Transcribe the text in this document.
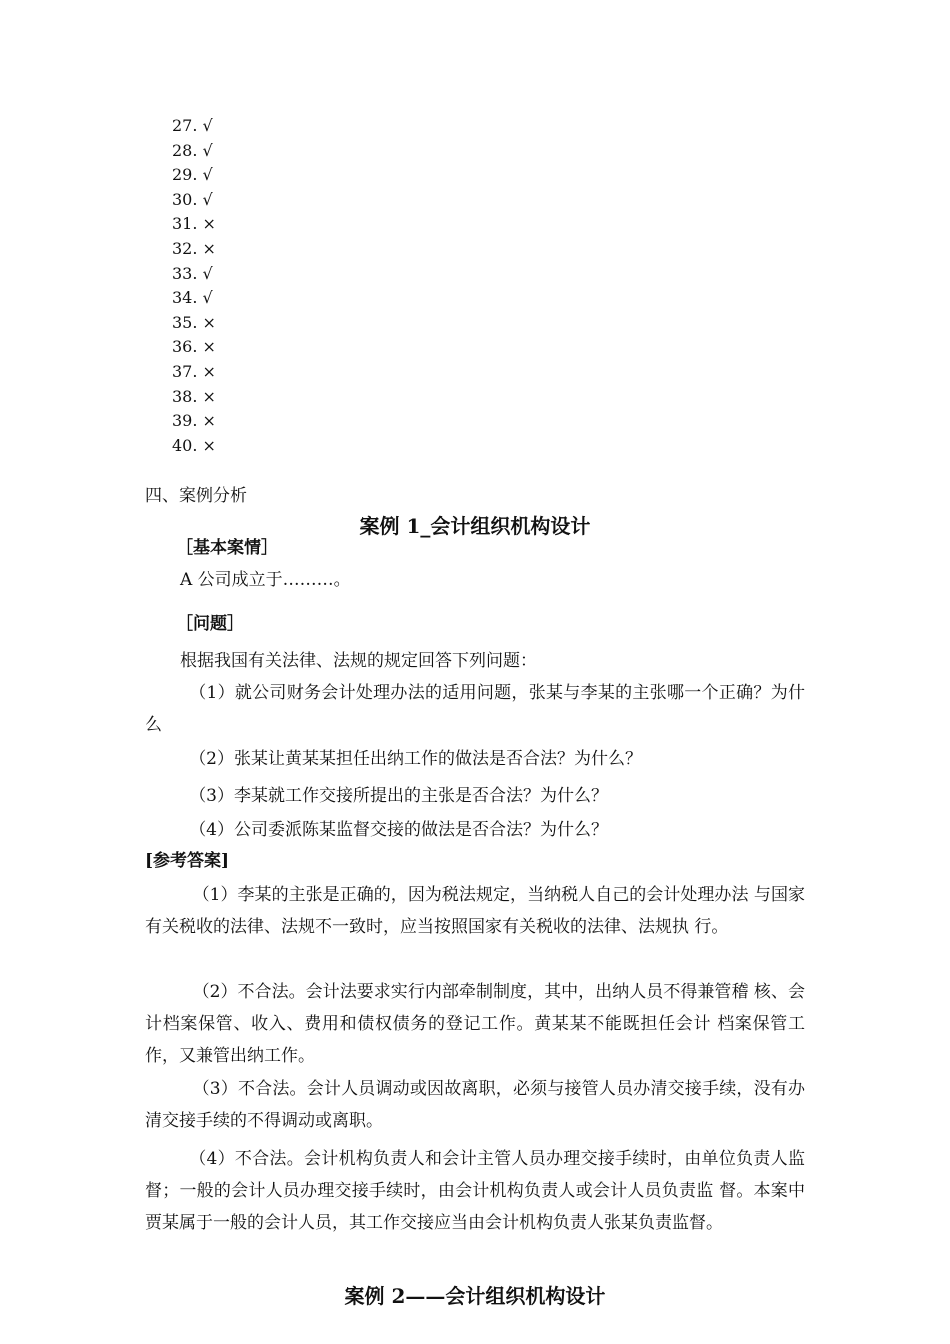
27. √
28. √
29. √
30. √
31. ×
32. ×
33. √
34. √
35. ×
36. ×
37. ×
38. ×
39. ×
40. ×
四、案例分析
案例 1_会计组织机构设计
［基本案情］
A 公司成立于………。
［问题］
根据我国有关法律、法规的规定回答下列问题：
（1）就公司财务会计处理办法的适用问题，张某与李某的主张哪一个正确？为什么
（2）张某让黄某某担任出纳工作的做法是否合法？为什么？
（3）李某就工作交接所提出的主张是否合法？为什么？
（4）公司委派陈某监督交接的做法是否合法？为什么？
[参考答案]
（1）李某的主张是正确的，因为税法规定，当纳税人自己的会计处理办法 与国家有关税收的法律、法规不一致时，应当按照国家有关税收的法律、法规执 行。
（2）不合法。会计法要求实行内部牵制制度，其中，出纳人员不得兼管稽 核、会计档案保管、收入、费用和债权债务的登记工作。黄某某不能既担任会计 档案保管工作，又兼管出纳工作。
（3）不合法。会计人员调动或因故离职，必须与接管人员办清交接手续，没有办清交接手续的不得调动或离职。
（4）不合法。会计机构负责人和会计主管人员办理交接手续时，由单位负责人监督；一般的会计人员办理交接手续时，由会计机构负责人或会计人员负责监 督。本案中贾某属于一般的会计人员，其工作交接应当由会计机构负责人张某负责监督。
案例 2——会计组织机构设计
